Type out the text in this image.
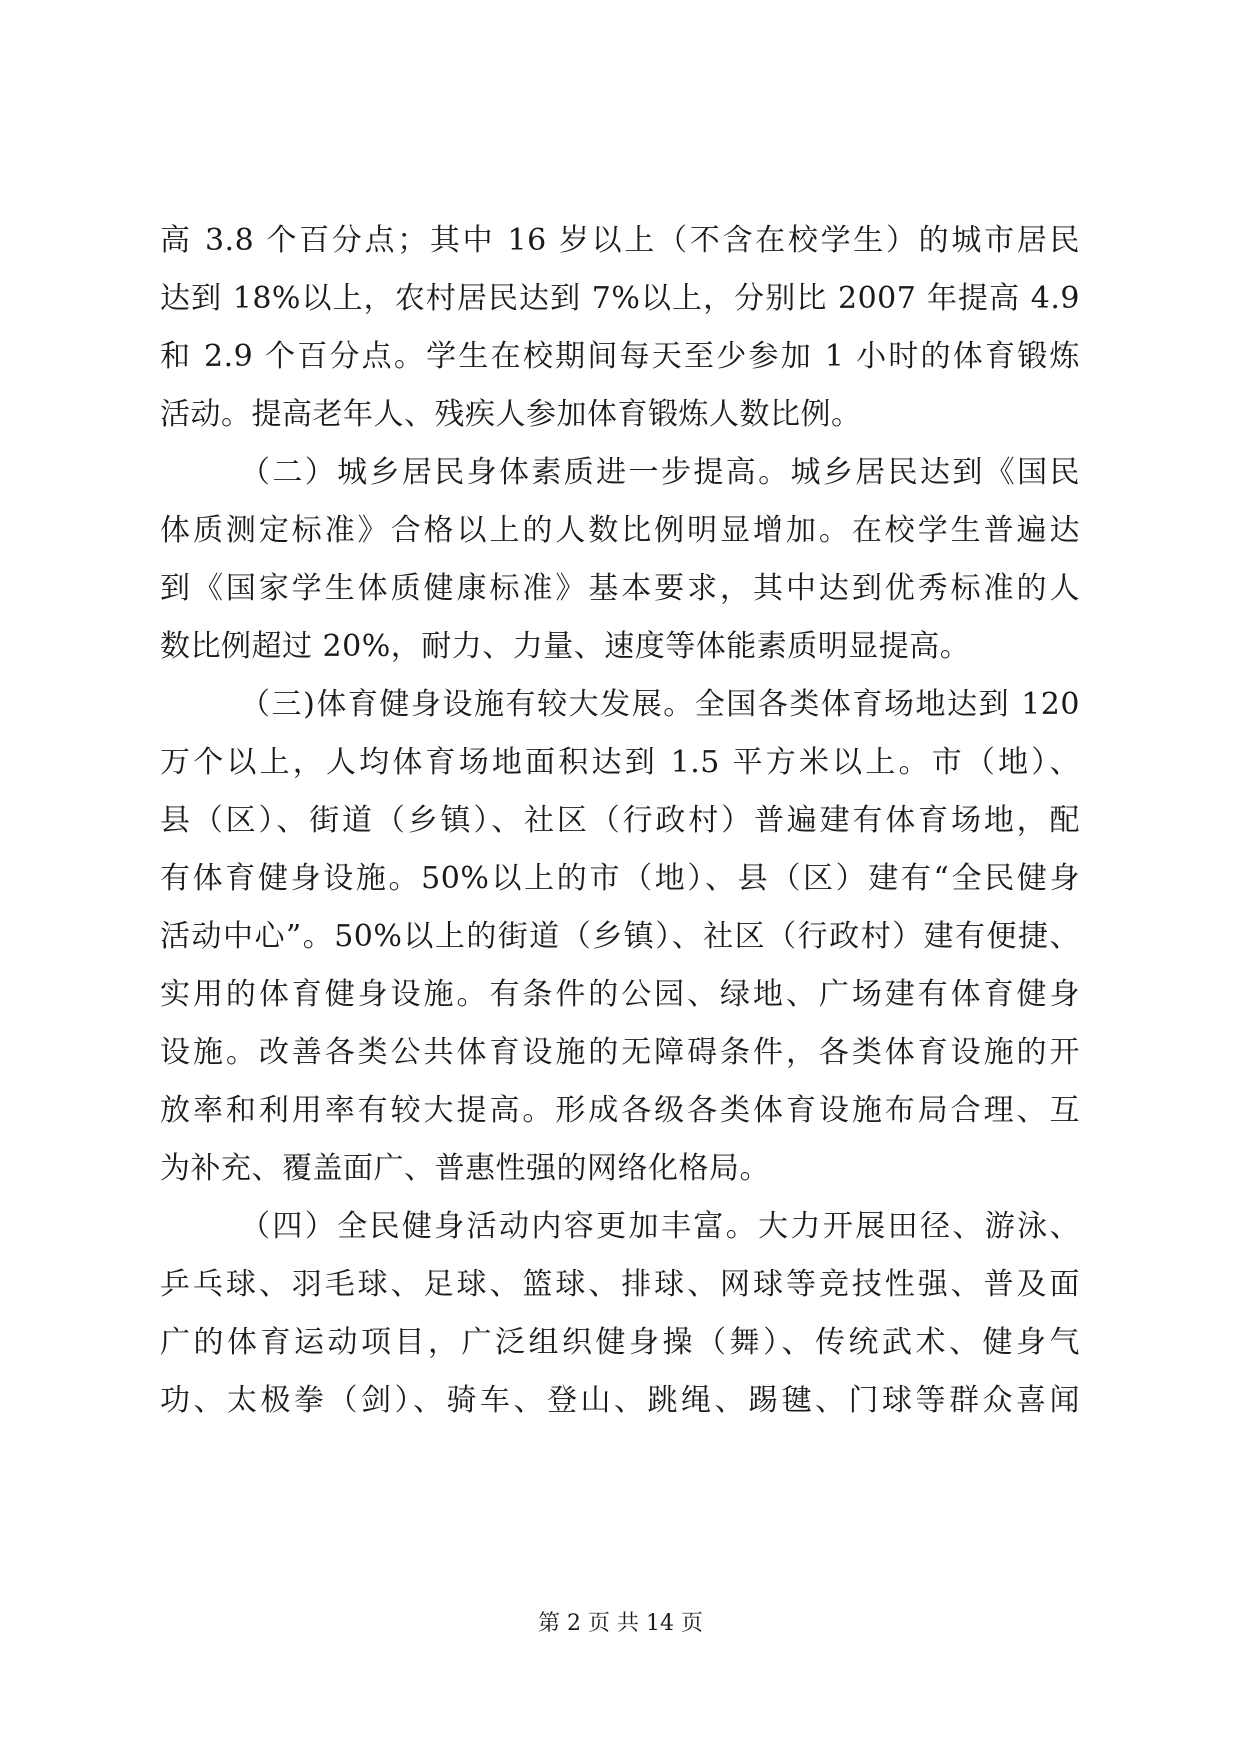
高 3.8 个百分点；其中 16 岁以上（不含在校学生）的城市居民
达到 18%以上，农村居民达到 7%以上，分别比 2007 年提高 4.9
和 2.9 个百分点。学生在校期间每天至少参加 1 小时的体育锻炼
活动。提高老年人、残疾人参加体育锻炼人数比例。
（二）城乡居民身体素质进一步提高。城乡居民达到《国民
体质测定标准》合格以上的人数比例明显增加。在校学生普遍达
到《国家学生体质健康标准》基本要求，其中达到优秀标准的人
数比例超过 20%，耐力、力量、速度等体能素质明显提高。
（三)体育健身设施有较大发展。全国各类体育场地达到 120
万个以上，人均体育场地面积达到 1.5 平方米以上。市（地）、
县（区）、街道（乡镇）、社区（行政村）普遍建有体育场地，配
有体育健身设施。50%以上的市（地）、县（区）建有“全民健身
活动中心”。50%以上的街道（乡镇）、社区（行政村）建有便捷、
实用的体育健身设施。有条件的公园、绿地、广场建有体育健身
设施。改善各类公共体育设施的无障碍条件，各类体育设施的开
放率和利用率有较大提高。形成各级各类体育设施布局合理、互
为补充、覆盖面广、普惠性强的网络化格局。
（四）全民健身活动内容更加丰富。大力开展田径、游泳、
乒乓球、羽毛球、足球、篮球、排球、网球等竞技性强、普及面
广的体育运动项目，广泛组织健身操（舞）、传统武术、健身气
功、太极拳（剑）、骑车、登山、跳绳、踢毽、门球等群众喜闻
第 2 页 共 14 页
